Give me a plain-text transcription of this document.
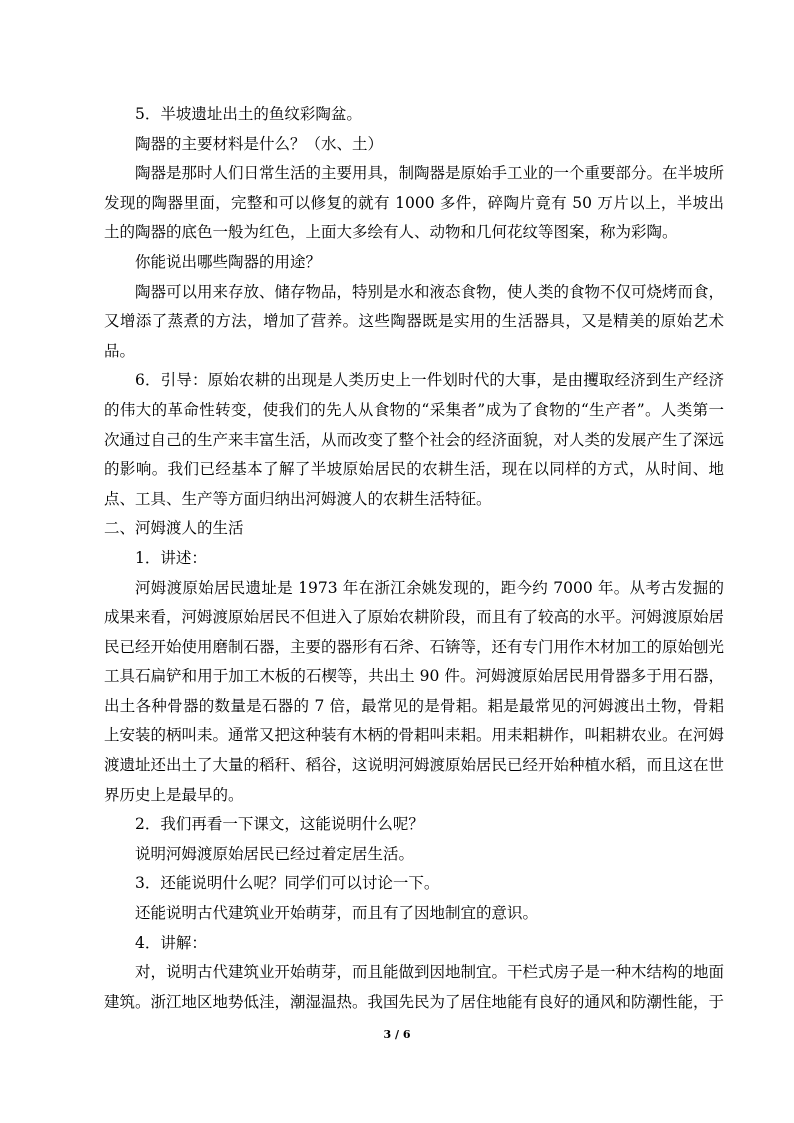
5．半坡遗址出土的鱼纹彩陶盆。

陶器的主要材料是什么？（水、土）

陶器是那时人们日常生活的主要用具，制陶器是原始手工业的一个重要部分。在半坡所发现的陶器里面，完整和可以修复的就有 1000 多件，碎陶片竟有 50 万片以上，半坡出土的陶器的底色一般为红色，上面大多绘有人、动物和几何花纹等图案，称为彩陶。

你能说出哪些陶器的用途？

陶器可以用来存放、储存物品，特别是水和液态食物，使人类的食物不仅可烧烤而食，又增添了蒸煮的方法，增加了营养。这些陶器既是实用的生活器具，又是精美的原始艺术品。

6．引导：原始农耕的出现是人类历史上一件划时代的大事，是由攫取经济到生产经济的伟大的革命性转变，使我们的先人从食物的“采集者”成为了食物的“生产者”。人类第一次通过自己的生产来丰富生活，从而改变了整个社会的经济面貌，对人类的发展产生了深远的影响。我们已经基本了解了半坡原始居民的农耕生活，现在以同样的方式，从时间、地点、工具、生产等方面归纳出河姆渡人的农耕生活特征。

二、河姆渡人的生活

1．讲述：

河姆渡原始居民遗址是 1973 年在浙江余姚发现的，距今约 7000 年。从考古发掘的成果来看，河姆渡原始居民不但进入了原始农耕阶段，而且有了较高的水平。河姆渡原始居民已经开始使用磨制石器，主要的器形有石斧、石锛等，还有专门用作木材加工的原始刨光工具石扁铲和用于加工木板的石楔等，共出土 90 件。河姆渡原始居民用骨器多于用石器，出土各种骨器的数量是石器的 7 倍，最常见的是骨耜。耜是最常见的河姆渡出土物，骨耜上安装的柄叫耒。通常又把这种装有木柄的骨耜叫耒耜。用耒耜耕作，叫耜耕农业。在河姆渡遗址还出土了大量的稻秆、稻谷，这说明河姆渡原始居民已经开始种植水稻，而且这在世界历史上是最早的。

2．我们再看一下课文，这能说明什么呢？

说明河姆渡原始居民已经过着定居生活。

3．还能说明什么呢？同学们可以讨论一下。

还能说明古代建筑业开始萌芽，而且有了因地制宜的意识。

4．讲解：

对，说明古代建筑业开始萌芽，而且能做到因地制宜。干栏式房子是一种木结构的地面建筑。浙江地区地势低洼，潮湿温热。我国先民为了居住地能有良好的通风和防潮性能，于

3 / 6
